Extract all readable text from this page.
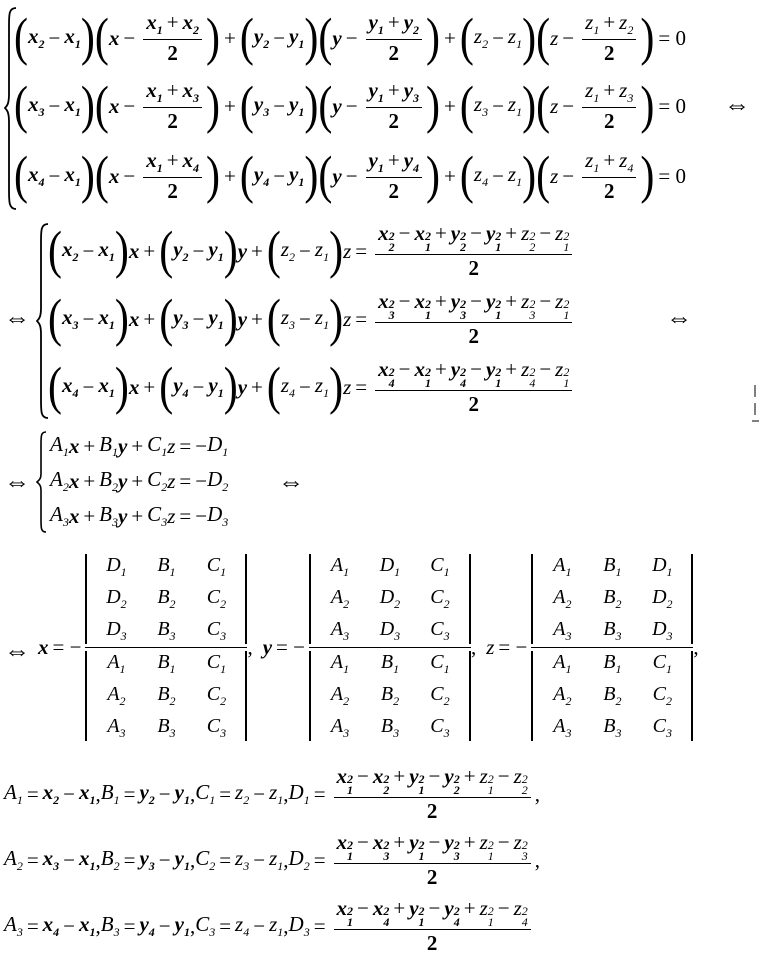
( $x_2 - x_1$ ) ( $x - \frac{x_1 + x_2}{2}$ ) + ( $y_2 - y_1$ ) ( $y - \frac{y_1 + y_2}{2}$ ) + ( $z_2 - z_1$ ) ( $z - \frac{z_1 + z_2}{2}$ ) = 0
( $x_3 - x_1$ ) ( $x - \frac{x_1 + x_3}{2}$ ) + ( $y_3 - y_1$ ) ( $y - \frac{y_1 + y_3}{2}$ ) + ( $z_3 - z_1$ ) ( $z - \frac{z_1 + z_3}{2}$ ) = 0
( $x_4 - x_1$ ) ( $x - \frac{x_1 + x_4}{2}$ ) + ( $y_4 - y_1$ ) ( $y - \frac{y_1 + y_4}{2}$ ) + ( $z_4 - z_1$ ) ( $z - \frac{z_1 + z_4}{2}$ ) = 0
⇔
⇔
( $x_2 - x_1$ ) x + ( $y_2 - y_1$ ) y + ( $z_2 - z_1$ ) z = x 2
2
− x 2
1
+ y 2
2
− y 2
1
+ z 2
2
− z 2
1
2
( $x_3 - x_1$ ) x + ( $y_3 - y_1$ ) y + ( $z_3 - z_1$ ) z = x 2
3
− x 2
1
+ y 2
3
− y 2
1
+ z 2
3
− z 2
1
2
( $x_4 - x_1$ ) x + ( $y_4 - y_1$ ) y + ( $z_4 - z_1$ ) z = x 2
4
− x 2
1
+ y 2
4
− y 2
1
+ z 2
4
− z 2
1
2
⇔
⇔
$A_1$ $x + B_1$ $y + C_1$ z = − $D_1$
$A_2$ $x + B_2$ $y + C_2$ z = − $D_2$
$A_3$ $x + B_3$ $y + C_3$ z = − $D_3$
⇔
⇔ x = −
$D_1$	$B_1$	$C_1$
$D_2$	$B_2$	$C_2$
$D_3$	$B_3$	$C_3$
$A_1$	$B_1$	$C_1$
$A_2$	$B_2$	$C_2$
$A_3$	$B_3$	$C_3$
, y = −
$A_1$	$D_1$	$C_1$
$A_2$	$D_2$	$C_2$
$A_3$	$D_3$	$C_3$
$A_1$	$B_1$	$C_1$
$A_2$	$B_2$	$C_2$
$A_3$	$B_3$	$C_3$
, z = −
$A_1$	$B_1$	$D_1$
$A_2$	$B_2$	$D_2$
$A_3$	$B_3$	$D_3$
$A_1$	$B_1$	$C_1$
$A_2$	$B_2$	$C_2$
$A_3$	$B_3$	$C_3$
,
$A_1 = x_2 - x_1$ , $B_1 = y_2 - y_1$ , $C_1 = z_2 - z_1$ , $D_1 = x$ 2
1
− x 2
2
+ y 2
1
− y 2
2
+ z 2
1
− z 2
2
2 ,
$A_2 = x_3 - x_1$ , $B_2 = y_3 - y_1$ , $C_2 = z_3 - z_1$ , $D_2 = x$ 2
1
− x 2
3
+ y 2
1
− y 2
3
+ z 2
1
− z 2
3
2 ,
$A_3 = x_4 - x_1$ , $B_3 = y_4 - y_1$ , $C_3 = z_4 - z_1$ , $D_3 = x$ 2
1
− x 2
4
+ y 2
1
− y 2
4
+ z 2
1
− z 2
4
2
